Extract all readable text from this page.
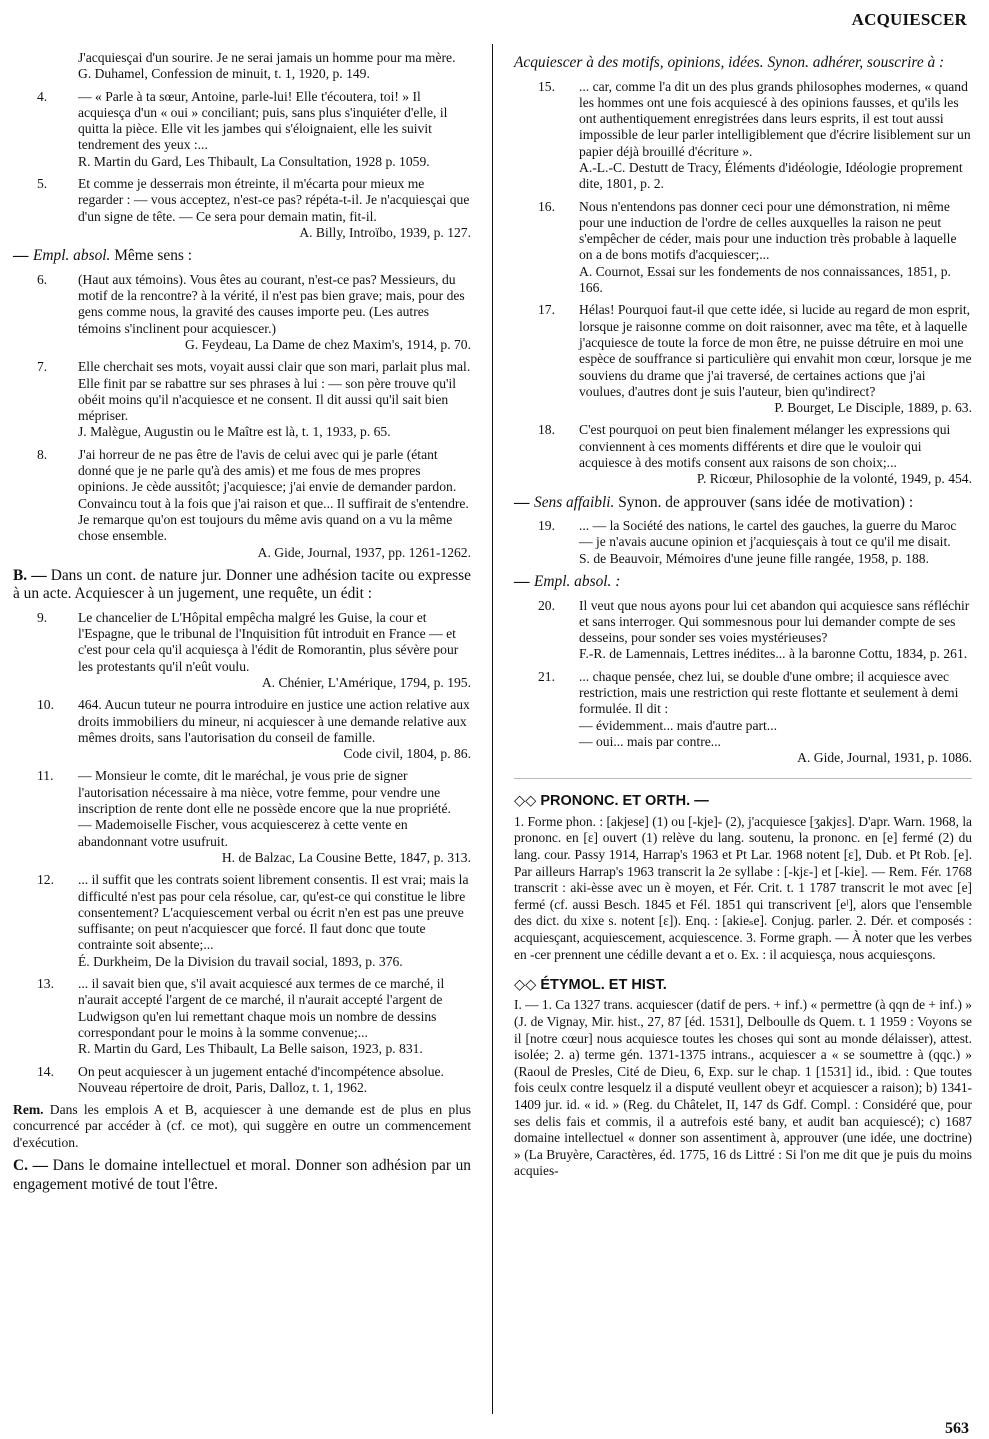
ACQUIESCER
J'acquiesçai d'un sourire. Je ne serai jamais un homme pour ma mère.
G. Duhamel, Confession de minuit, t. 1, 1920, p. 149.
4.	— « Parle à ta sœur, Antoine, parle-lui! Elle t'écoutera, toi! » Il acquiesça d'un « oui » conciliant; puis, sans plus s'inquiéter d'elle, il quitta la pièce. Elle vit les jambes qui s'éloignaient, elle les suivit tendrement des yeux :...
R. Martin du Gard, Les Thibault, La Consultation, 1928 p. 1059.
5.	Et comme je desserrais mon étreinte, il m'écarta pour mieux me regarder : — vous acceptez, n'est-ce pas? répéta-t-il. Je n'acquiesçai que d'un signe de tête. — Ce sera pour demain matin, fit-il.
A. Billy, Introïbo, 1939, p. 127.
— Empl. absol. Même sens :
6.	(Haut aux témoins). Vous êtes au courant, n'est-ce pas? Messieurs, du motif de la rencontre? à la vérité, il n'est pas bien grave; mais, pour des gens comme nous, la gravité des causes importe peu. (Les autres témoins s'inclinent pour acquiescer.)
G. Feydeau, La Dame de chez Maxim's, 1914, p. 70.
7.	Elle cherchait ses mots, voyait aussi clair que son mari, parlait plus mal. Elle finit par se rabattre sur ses phrases à lui : — son père trouve qu'il obéit moins qu'il n'acquiesce et ne consent. Il dit aussi qu'il sait bien mépriser.
J. Malègue, Augustin ou le Maître est là, t. 1, 1933, p. 65.
8.	J'ai horreur de ne pas être de l'avis de celui avec qui je parle (étant donné que je ne parle qu'à des amis) et me fous de mes propres opinions. Je cède aussitôt; j'acquiesce; j'ai envie de demander pardon. Convaincu tout à la fois que j'ai raison et que... Il suffirait de s'entendre. Je remarque qu'on est toujours du même avis quand on a vu la même chose ensemble.
A. Gide, Journal, 1937, pp. 1261-1262.
B. — Dans un cont. de nature jur. Donner une adhésion tacite ou expresse à un acte. Acquiescer à un jugement, une requête, un édit :
9.	Le chancelier de L'Hôpital empêcha malgré les Guise, la cour et l'Espagne, que le tribunal de l'Inquisition fût introduit en France — et c'est pour cela qu'il acquiesça à l'édit de Romorantin, plus sévère pour les protestants qu'il n'eût voulu.
A. Chénier, L'Amérique, 1794, p. 195.
10.	464. Aucun tuteur ne pourra introduire en justice une action relative aux droits immobiliers du mineur, ni acquiescer à une demande relative aux mêmes droits, sans l'autorisation du conseil de famille.
Code civil, 1804, p. 86.
11.	— Monsieur le comte, dit le maréchal, je vous prie de signer l'autorisation nécessaire à ma nièce, votre femme, pour vendre une inscription de rente dont elle ne possède encore que la nue propriété.
— Mademoiselle Fischer, vous acquiescerez à cette vente en abandonnant votre usufruit.
H. de Balzac, La Cousine Bette, 1847, p. 313.
12.	... il suffit que les contrats soient librement consentis. Il est vrai; mais la difficulté n'est pas pour cela résolue, car, qu'est-ce qui constitue le libre consentement? L'acquiescement verbal ou écrit n'en est pas une preuve suffisante; on peut n'acquiescer que forcé. Il faut donc que toute contrainte soit absente;...
É. Durkheim, De la Division du travail social, 1893, p. 376.
13.	... il savait bien que, s'il avait acquiescé aux termes de ce marché, il n'aurait accepté l'argent de ce marché, il n'aurait accepté l'argent de Ludwigson qu'en lui remettant chaque mois un nombre de dessins correspondant pour le moins à la somme convenue;...
R. Martin du Gard, Les Thibault, La Belle saison, 1923, p. 831.
14.	On peut acquiescer à un jugement entaché d'incompétence absolue.
Nouveau répertoire de droit, Paris, Dalloz, t. 1, 1962.
Rem. Dans les emplois A et B, acquiescer à une demande est de plus en plus concurrencé par accéder à (cf. ce mot), qui suggère en outre un commencement d'exécution.
C. — Dans le domaine intellectuel et moral. Donner son adhésion par un engagement motivé de tout l'être.
Acquiescer à des motifs, opinions, idées. Synon. adhérer, souscrire à :
15.	... car, comme l'a dit un des plus grands philosophes modernes, « quand les hommes ont une fois acquiescé à des opinions fausses, et qu'ils les ont authentiquement enregistrées dans leurs esprits, il est tout aussi impossible de leur parler intelligiblement que d'écrire lisiblement sur un papier déjà brouillé d'écriture ».
A.-L.-C. Destutt de Tracy, Éléments d'idéologie, Idéologie proprement dite, 1801, p. 2.
16.	Nous n'entendons pas donner ceci pour une démonstration, ni même pour une induction de l'ordre de celles auxquelles la raison ne peut s'empêcher de céder, mais pour une induction très probable à laquelle on a de bons motifs d'acquiescer;...
A. Cournot, Essai sur les fondements de nos connaissances, 1851, p. 166.
17.	Hélas! Pourquoi faut-il que cette idée, si lucide au regard de mon esprit, lorsque je raisonne comme on doit raisonner, avec ma tête, et à laquelle j'acquiesce de toute la force de mon être, ne puisse détruire en moi une espèce de souffrance si particulière qui envahit mon cœur, lorsque je me souviens du drame que j'ai traversé, de certaines actions que j'ai voulues, d'autres dont je suis l'auteur, bien qu'indirect?
P. Bourget, Le Disciple, 1889, p. 63.
18.	C'est pourquoi on peut bien finalement mélanger les expressions qui conviennent à ces moments différents et dire que le vouloir qui acquiesce à des motifs consent aux raisons de son choix;...
P. Ricœur, Philosophie de la volonté, 1949, p. 454.
— Sens affaibli. Synon. de approuver (sans idée de motivation) :
19.	... — la Société des nations, le cartel des gauches, la guerre du Maroc — je n'avais aucune opinion et j'acquiesçais à tout ce qu'il me disait.
S. de Beauvoir, Mémoires d'une jeune fille rangée, 1958, p. 188.
— Empl. absol. :
20.	Il veut que nous ayons pour lui cet abandon qui acquiesce sans réfléchir et sans interroger. Qui sommesnous pour lui demander compte de ses desseins, pour sonder ses voies mystérieuses?
F.-R. de Lamennais, Lettres inédites... à la baronne Cottu, 1834, p. 261.
21.	... chaque pensée, chez lui, se double d'une ombre; il acquiesce avec restriction, mais une restriction qui reste flottante et seulement à demi formulée. Il dit :
— évidemment... mais d'autre part...
— oui... mais par contre...
A. Gide, Journal, 1931, p. 1086.
◇◇ PRONONC. ET ORTH. —
1. Forme phon. : [akjese] (1) ou [-kje]- (2), j'acquiesce [ʒakjɛs]. D'apr. Warn. 1968, la prononc. en [ɛ] ouvert (1) relève du lang. soutenu, la prononc. en [e] fermé (2) du lang. cour. Passy 1914, Harrap's 1963 et Pt Lar. 1968 notent [ɛ], Dub. et Pt Rob. [e]. Par ailleurs Harrap's 1963 transcrit la 2e syllabe : [-kjɛ-] et [-kie]. — Rem. Fér. 1768 transcrit : aki-èsse avec un è moyen, et Fér. Crit. t. 1 1787 transcrit le mot avec [e] fermé (cf. aussi Besch. 1845 et Fél. 1851 qui transcrivent [eˡ], alors que l'ensemble des dict. du xixe s. notent [ɛ]). Enq. : [akieₛe]. Conjug. parler. 2. Dér. et composés : acquiesçant, acquiescement, acquiescence. 3. Forme graph. — À noter que les verbes en -cer prennent une cédille devant a et o. Ex. : il acquiesça, nous acquiesçons.
◇◇ ÉTYMOL. ET HIST.
I. — 1. Ca 1327 trans. acquiescer (datif de pers. + inf.) « permettre (à qqn de + inf.) » (J. de Vignay, Mir. hist., 27, 87 [éd. 1531], Delboulle ds Quem. t. 1 1959 : Voyons se il [notre cœur] nous acquiesce toutes les choses qui sont au monde délaisser), attest. isolée; 2. a) terme gén. 1371-1375 intrans., acquiescer a « se soumettre à (qqc.) » (Raoul de Presles, Cité de Dieu, 6, Exp. sur le chap. 1 [1531] id., ibid. : Que toutes fois ceulx contre lesquelz il a disputé veullent obeyr et acquiescer a raison); b) 1341-1409 jur. id. « id. » (Reg. du Châtelet, II, 147 ds Gdf. Compl. : Considéré que, pour ses delis fais et commis, il a autrefois esté bany, et audit ban acquiescé); c) 1687 domaine intellectuel « donner son assentiment à, approuver (une idée, une doctrine) » (La Bruyère, Caractères, éd. 1775, 16 ds Littré : Si l'on me dit que je puis du moins acquies-
563
